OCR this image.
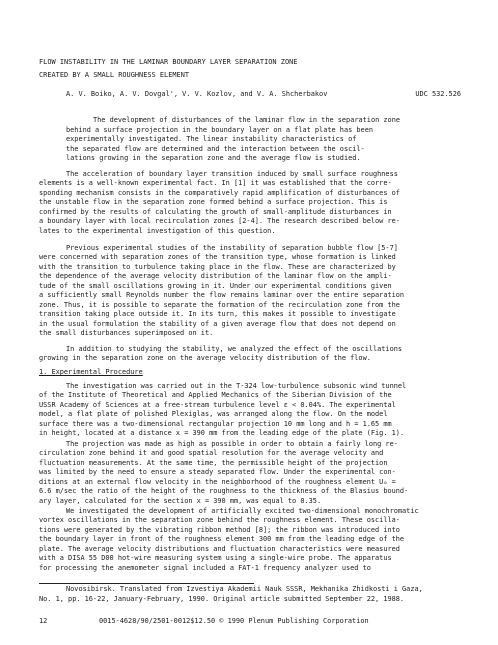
FLOW INSTABILITY IN THE LAMINAR BOUNDARY LAYER SEPARATION ZONE
CREATED BY A SMALL ROUGHNESS ELEMENT
A. V. Boiko, A. V. Dovgal', V. V. Kozlov, and V. A. Shcherbakov	UDC 532.526
The development of disturbances of the laminar flow in the separation zone
behind a surface projection in the boundary layer on a flat plate has been
experimentally investigated. The linear instability characteristics of
the separated flow are determined and the interaction between the oscil-
lations growing in the separation zone and the average flow is studied.
The acceleration of boundary layer transition induced by small surface roughness
elements is a well-known experimental fact. In [1] it was established that the corre-
sponding mechanism consists in the comparatively rapid amplification of disturbances of
the unstable flow in the separation zone formed behind a surface projection. This is
confirmed by the results of calculating the growth of small-amplitude disturbances in
a boundary layer with local recirculation zones [2-4]. The research described below re-
lates to the experimental investigation of this question.
Previous experimental studies of the instability of separation bubble flow [5-7]
were concerned with separation zones of the transition type, whose formation is linked
with the transition to turbulence taking place in the flow. These are characterized by
the dependence of the average velocity distribution of the laminar flow on the ampli-
tude of the small oscillations growing in it. Under our experimental conditions given
a sufficiently small Reynolds number the flow remains laminar over the entire separation
zone. Thus, it is possible to separate the formation of the recirculation zone from the
transition taking place outside it. In its turn, this makes it possible to investigate
in the usual formulation the stability of a given average flow that does not depend on
the small disturbances superimposed on it.
In addition to studying the stability, we analyzed the effect of the oscillations
growing in the separation zone on the average velocity distribution of the flow.
1. Experimental Procedure
The investigation was carried out in the T-324 low-turbulence subsonic wind tunnel
of the Institute of Theoretical and Applied Mechanics of the Siberian Division of the
USSR Academy of Sciences at a free-stream turbulence level ε < 0.04%. The experimental
model, a flat plate of polished Plexiglas, was arranged along the flow. On the model
surface there was a two-dimensional rectangular projection 10 mm long and h = 1.65 mm
in height, located at a distance x = 390 mm from the leading edge of the plate (Fig. 1).
The projection was made as high as possible in order to obtain a fairly long re-
circulation zone behind it and good spatial resolution for the average velocity and
fluctuation measurements. At the same time, the permissible height of the projection
was limited by the need to ensure a steady separated flow. Under the experimental con-
ditions at an external flow velocity in the neighborhood of the roughness element U₀ =
6.6 m/sec the ratio of the height of the roughness to the thickness of the Blasius bound-
ary layer, calculated for the section x = 390 mm, was equal to 0.35.
We investigated the development of artificially excited two-dimensional monochromatic
vortex oscillations in the separation zone behind the roughness element. These oscilla-
tions were generated by the vibrating ribbon method [8]; the ribbon was introduced into
the boundary layer in front of the roughness element 300 mm from the leading edge of the
plate. The average velocity distributions and fluctuation characteristics were measured
with a DISA 55 D00 hot-wire measuring system using a single-wire probe. The apparatus
for processing the anemometer signal included a FAT-1 frequency analyzer used to
Novosibirsk. Translated from Izvestiya Akademii Nauk SSSR, Mekhanika Zhidkosti i Gaza,
No. 1, pp. 16-22, January-February, 1990. Original article submitted September 22, 1988.
12	0015-4628/90/2501-0012$12.50 © 1990 Plenum Publishing Corporation
